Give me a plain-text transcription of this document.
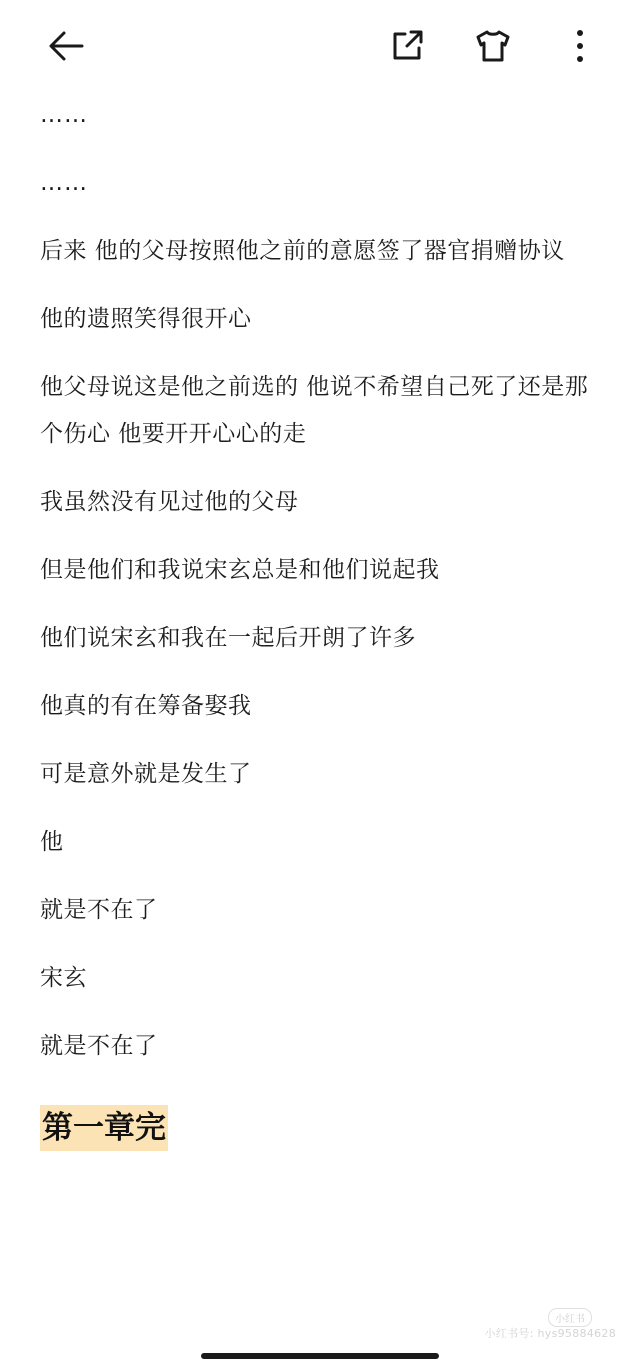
……

……

后来 他的父母按照他之前的意愿签了器官捐赠协议

他的遗照笑得很开心

他父母说这是他之前选的 他说不希望自己死了还是那个伤心 他要开开心心的走

我虽然没有见过他的父母

但是他们和我说宋玄总是和他们说起我

他们说宋玄和我在一起后开朗了许多

他真的有在筹备娶我

可是意外就是发生了

他

就是不在了

宋玄

就是不在了

第一章完
小红书
小红书号: hys95884628
